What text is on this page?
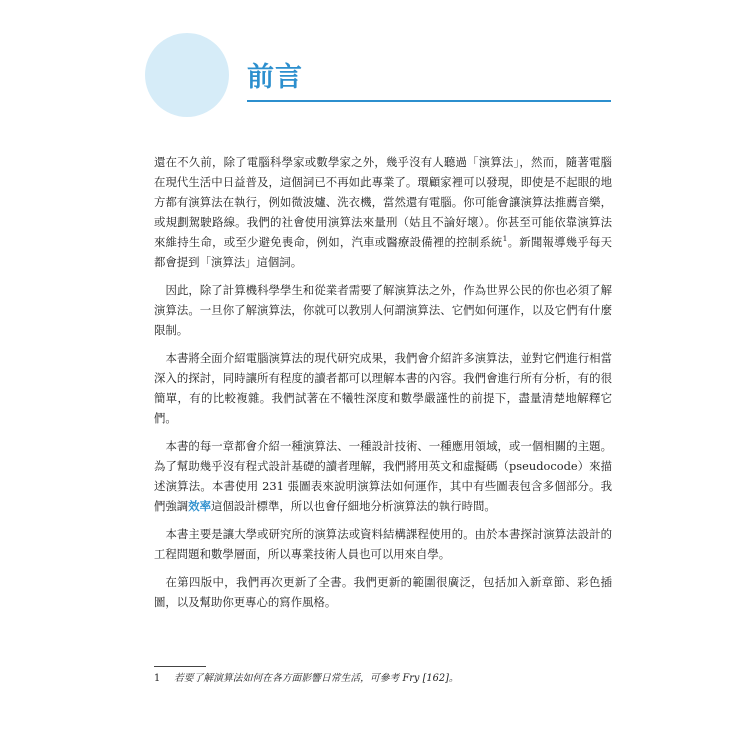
前言

還在不久前，除了電腦科學家或數學家之外，幾乎沒有人聽過「演算法」，然而，隨著電腦在現代生活中日益普及，這個詞已不再如此專業了。環顧家裡可以發現，即使是不起眼的地方都有演算法在執行，例如微波爐、洗衣機，當然還有電腦。你可能會讓演算法推薦音樂，或規劃駕駛路線。我們的社會使用演算法來量刑（姑且不論好壞）。你甚至可能依靠演算法來維持生命，或至少避免喪命，例如，汽車或醫療設備裡的控制系統$^1$。新聞報導幾乎每天都會提到「演算法」這個詞。

因此，除了計算機科學學生和從業者需要了解演算法之外，作為世界公民的你也必須了解演算法。一旦你了解演算法，你就可以教別人何謂演算法、它們如何運作，以及它們有什麼限制。

本書將全面介紹電腦演算法的現代研究成果，我們會介紹許多演算法，並對它們進行相當深入的探討，同時讓所有程度的讀者都可以理解本書的內容。我們會進行所有分析，有的很簡單，有的比較複雜。我們試著在不犧牲深度和數學嚴謹性的前提下，盡量清楚地解釋它們。

本書的每一章都會介紹一種演算法、一種設計技術、一種應用領域，或一個相關的主題。為了幫助幾乎沒有程式設計基礎的讀者理解，我們將用英文和虛擬碼（pseudocode）來描述演算法。本書使用 231 張圖表來說明演算法如何運作，其中有些圖表包含多個部分。我們強調效率這個設計標準，所以也會仔細地分析演算法的執行時間。

本書主要是讓大學或研究所的演算法或資料結構課程使用的。由於本書探討演算法設計的工程問題和數學層面，所以專業技術人員也可以用來自學。

在第四版中，我們再次更新了全書。我們更新的範圍很廣泛，包括加入新章節、彩色插圖，以及幫助你更專心的寫作風格。

1 若要了解演算法如何在各方面影響日常生活，可參考 Fry [162]。
